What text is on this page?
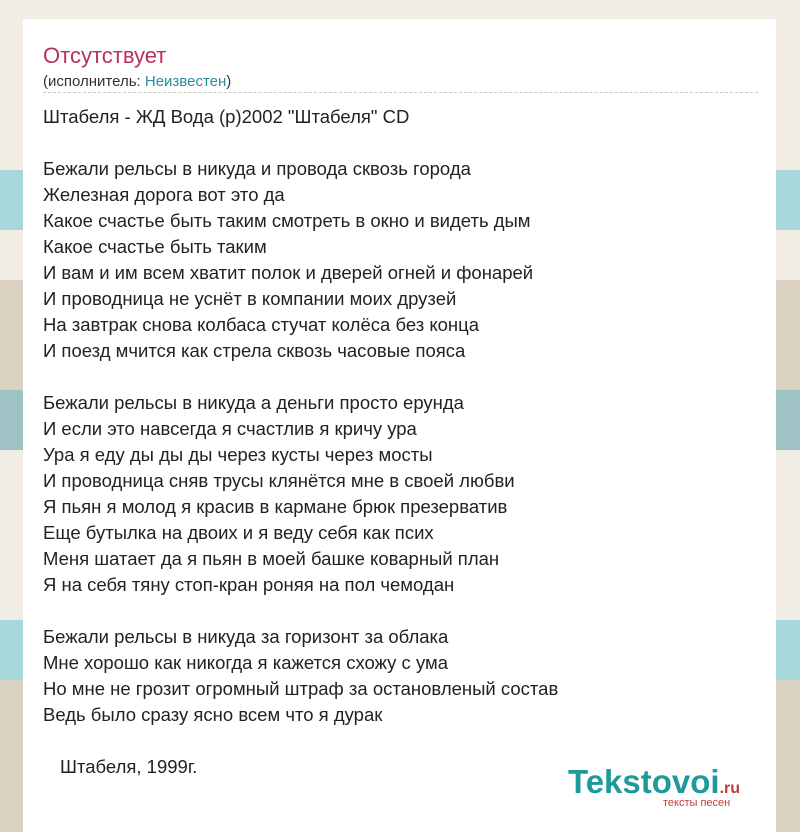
Отсутствует
(исполнитель: Неизвестен)
Штабеля - ЖД Вода (р)2002 "Штабеля" CD
Бежали рельсы в никуда и провода сквозь города
Железная дорога вот это да
Какое счастье быть таким смотреть в окно и видеть дым
Какое счастье быть таким
И вам и им всем хватит полок и дверей огней и фонарей
И проводница не уснёт в компании моих друзей
На завтрак снова колбаса стучат колёса без конца
И поезд мчится как стрела сквозь часовые пояса
Бежали рельсы в никуда а деньги просто ерунда
И если это навсегда я счастлив я кричу ура
Ура я еду ды ды ды через кусты через мосты
И проводница сняв трусы клянётся мне в своей любви
Я пьян я молод я красив в кармане брюк презерватив
Еще бутылка на двоих и я веду себя как псих
Меня шатает да я пьян в моей башке коварный план
Я на себя тяну стоп-кран роняя на пол чемодан
Бежали рельсы в никуда за горизонт за облака
Мне хорошо как никогда я кажется схожу с ума
Но мне не грозит огромный штраф за остановленый состав
Ведь было сразу ясно всем что я дурак
Штабеля, 1999г.	Tekstovoi.ru
тексты песен
